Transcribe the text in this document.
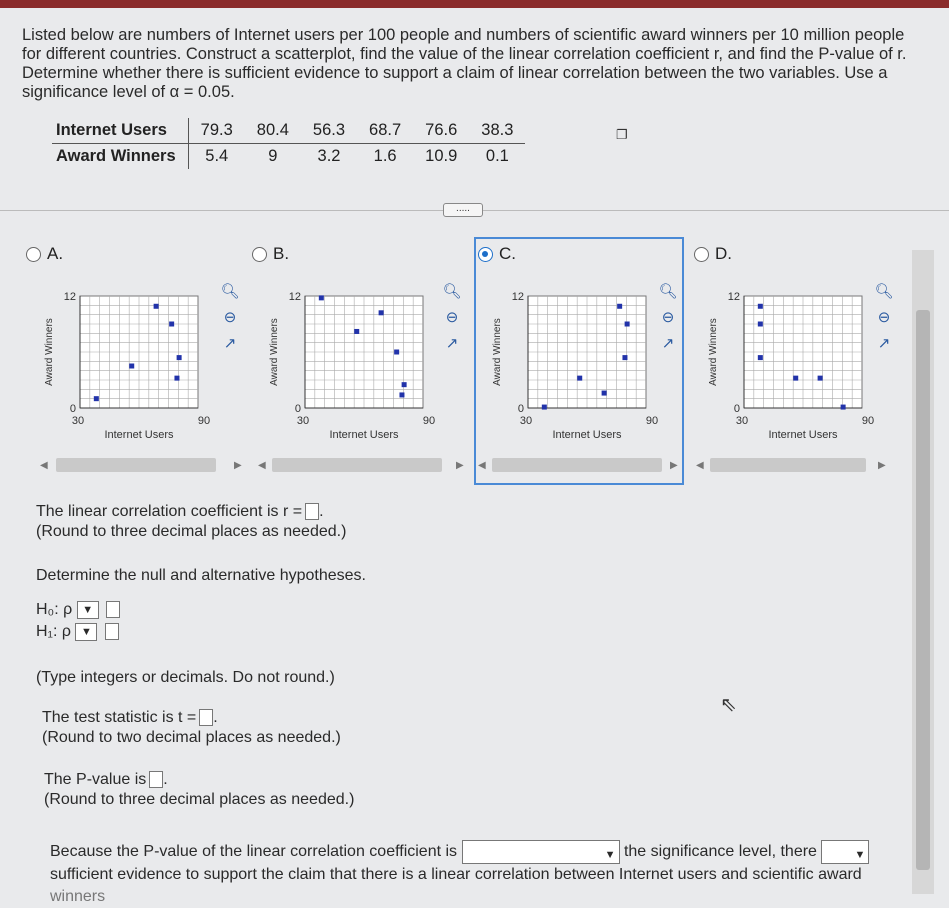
Listed below are numbers of Internet users per 100 people and numbers of scientific award winners per 10 million people for different countries. Construct a scatterplot, find the value of the linear correlation coefficient r, and find the P-value of r. Determine whether there is sufficient evidence to support a claim of linear correlation between the two variables. Use a significance level of α = 0.05.
Internet Users	79.3	80.4	56.3	68.7	76.6	38.3
Award Winners	5.4	9	3.2	1.6	10.9	0.1
❐
.....
A.	B.	C.	D.
12
0
30	90
Internet Users
Award Winners
12
0
30	90
Internet Users
Award Winners
12
0
30	90
Internet Users
Award Winners
12
0
30	90
Internet Users
Award Winners
🔍︎
⊖
↗
🔍︎
⊖
↗
🔍︎
⊖
↗
🔍︎
⊖
↗
◀	▶ ◀	▶ ◀	▶ ◀	▶
The linear correlation coefficient is r = .
(Round to three decimal places as needed.)
Determine the null and alternative hypotheses.
H₀: ρ ▼
H₁: ρ ▼
(Type integers or decimals. Do not round.)
The test statistic is t = .
(Round to two decimal places as needed.)
The P-value is .
(Round to three decimal places as needed.)
Because the P-value of the linear correlation coefficient is	▼ the significance level, there	▼

sufficient evidence to support the claim that there is a linear correlation between Internet users and scientific award
winners
⇖
